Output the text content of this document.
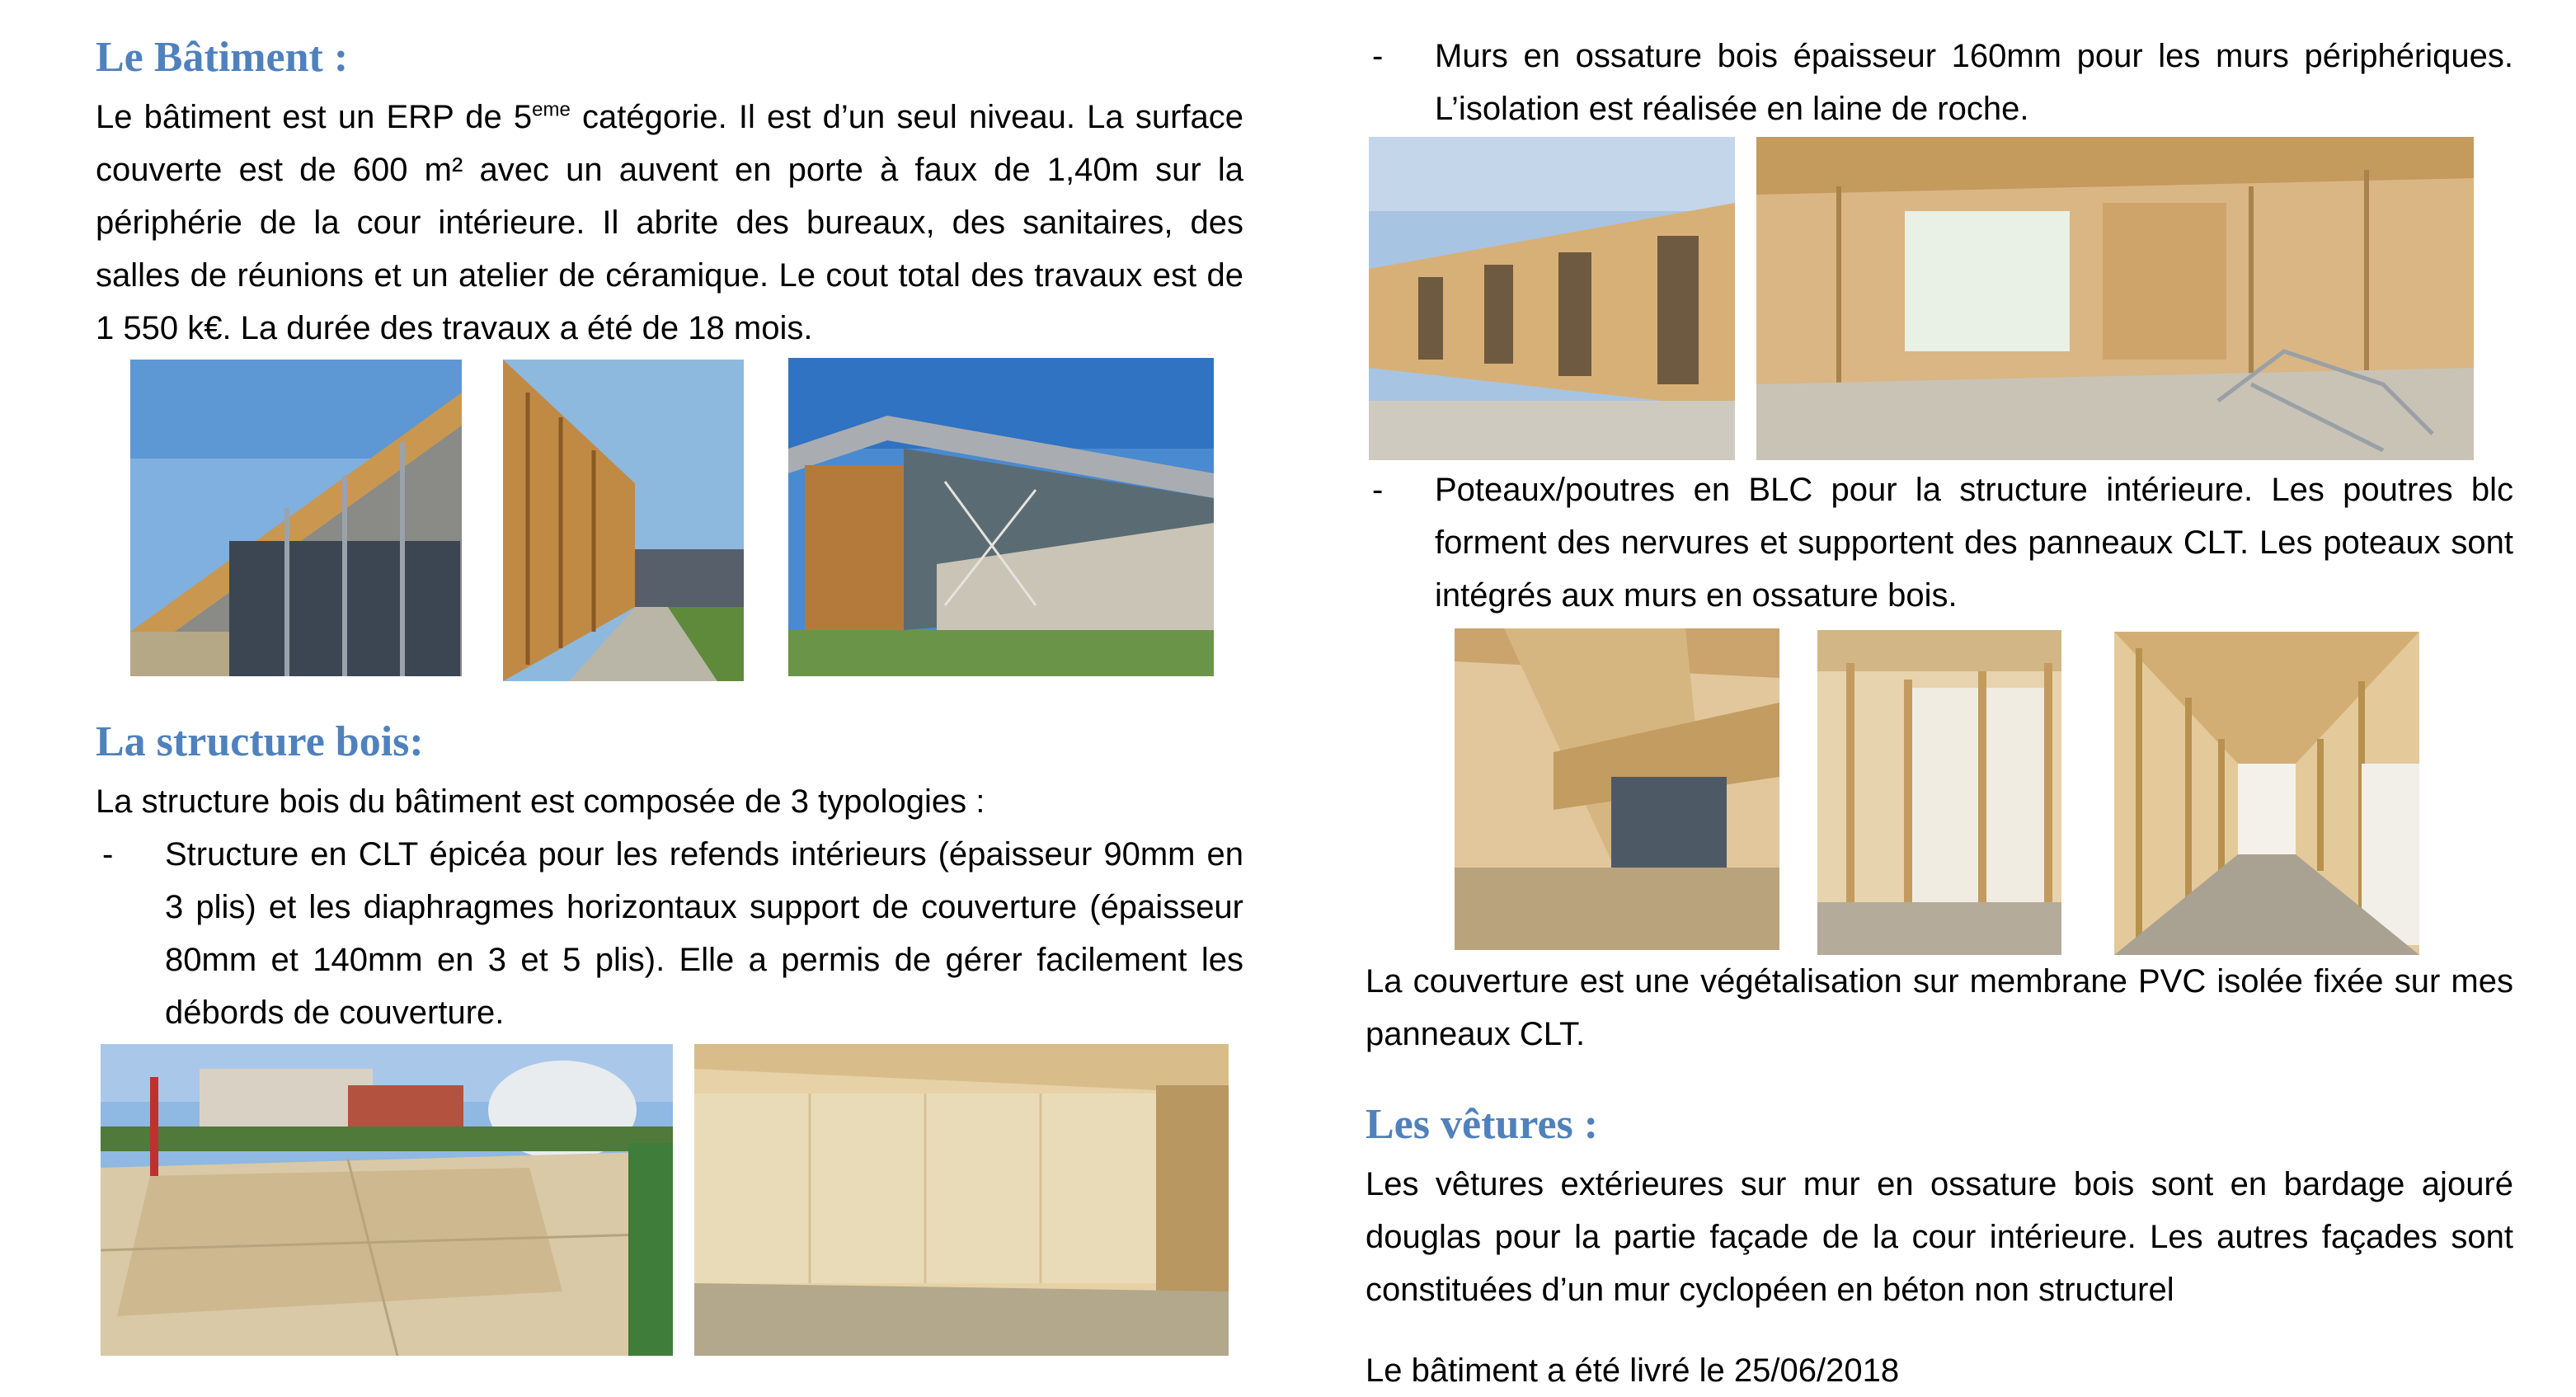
Le Bâtiment :

Le bâtiment est un ERP de 5eme catégorie. Il est d’un seul niveau. La surface couverte est de 600 m² avec un auvent en porte à faux de 1,40m sur la périphérie de la cour intérieure. Il abrite des bureaux, des sanitaires, des salles de réunions et un atelier de céramique. Le cout total des travaux est de 1 550 k€. La durée des travaux a été de 18 mois.

La structure bois:

La structure bois du bâtiment est composée de 3 typologies :

- Structure en CLT épicéa pour les refends intérieurs (épaisseur 90mm en 3 plis) et les diaphragmes horizontaux support de couverture (épaisseur 80mm et 140mm en 3 et 5 plis). Elle a permis de gérer facilement les débords de couverture.

- Murs en ossature bois épaisseur 160mm pour les murs périphériques. L’isolation est réalisée en laine de roche.

- Poteaux/poutres en BLC pour la structure intérieure. Les poutres blc forment des nervures et supportent des panneaux CLT. Les poteaux sont intégrés aux murs en ossature bois.

La couverture est une végétalisation sur membrane PVC isolée fixée sur mes panneaux CLT.

Les vêtures :

Les vêtures extérieures sur mur en ossature bois sont en bardage ajouré douglas pour la partie façade de la cour intérieure. Les autres façades sont constituées d’un mur cyclopéen en béton non structurel

Le bâtiment a été livré le 25/06/2018
